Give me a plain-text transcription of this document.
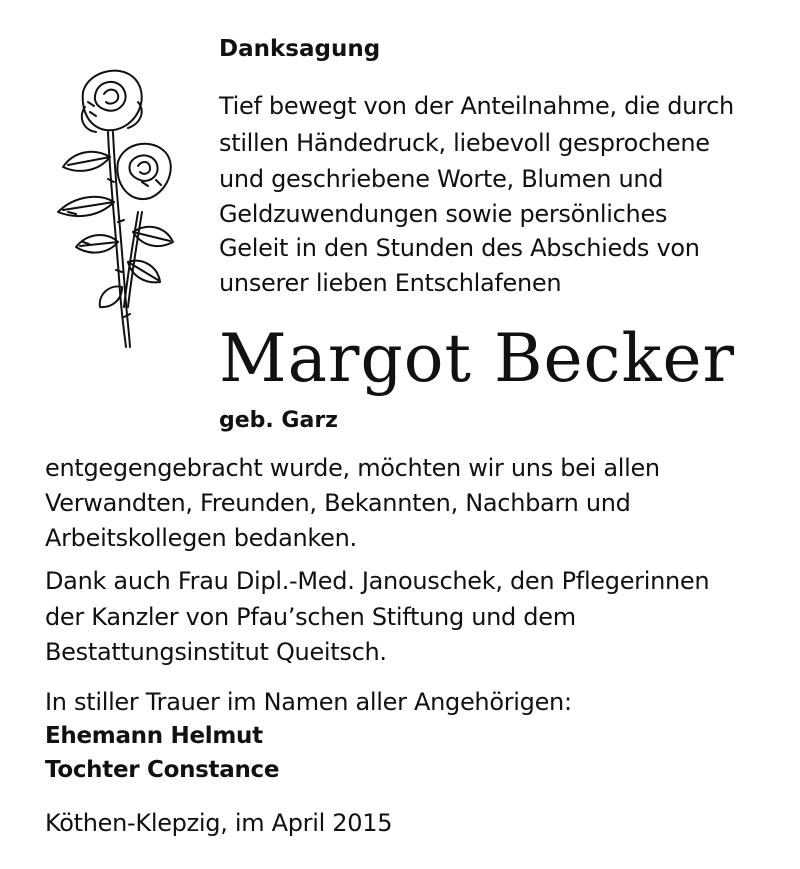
Danksagung
Tief bewegt von der Anteilnahme, die durch
stillen Händedruck, liebevoll gesprochene
und geschriebene Worte, Blumen und
Geldzuwendungen sowie persönliches
Geleit in den Stunden des Abschieds von
unserer lieben Entschlafenen
Margot Becker
geb. Garz
entgegengebracht wurde, möchten wir uns bei allen
Verwandten, Freunden, Bekannten, Nachbarn und
Arbeitskollegen bedanken.
Dank auch Frau Dipl.-Med. Janouschek, den Pflegerinnen
der Kanzler von Pfau’schen Stiftung und dem
Bestattungsinstitut Queitsch.
In stiller Trauer im Namen aller Angehörigen:
Ehemann Helmut
Tochter Constance
Köthen-Klepzig, im April 2015
